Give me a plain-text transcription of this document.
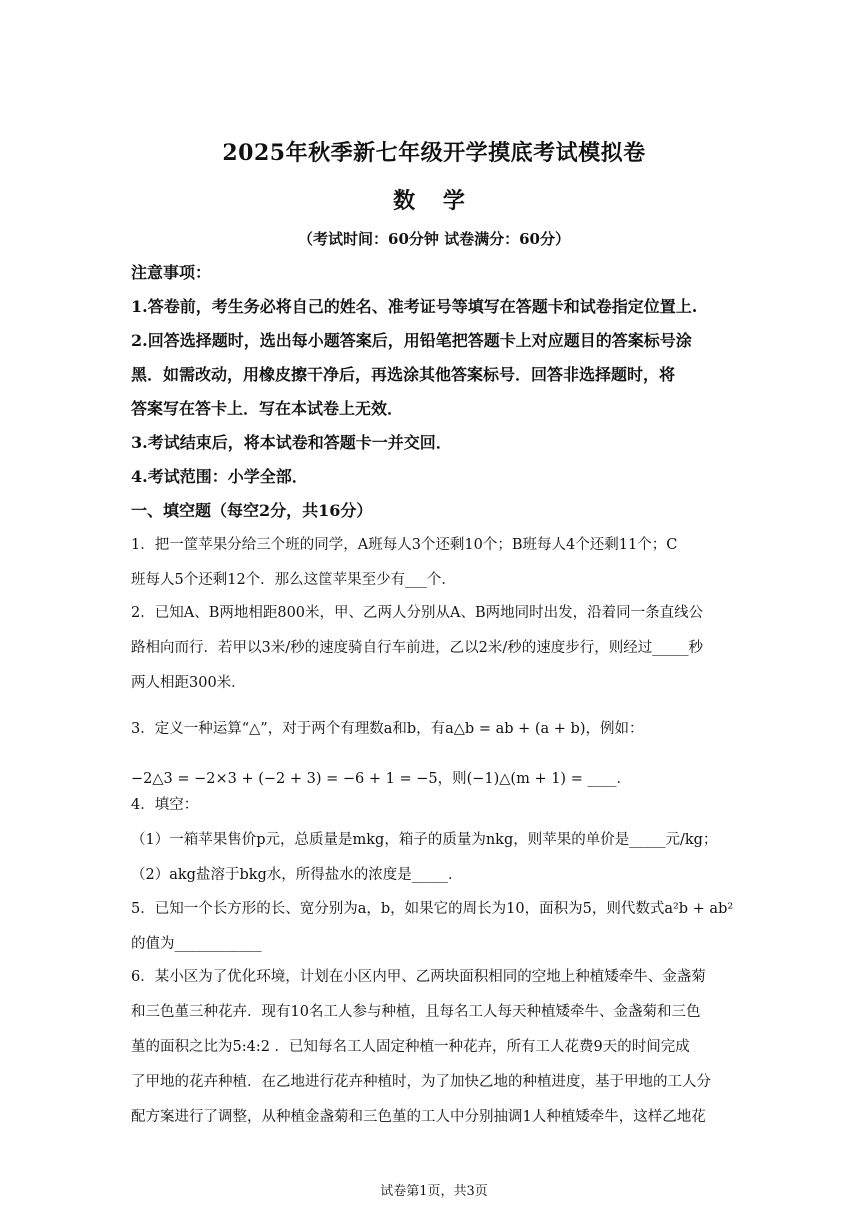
2025年秋季新七年级开学摸底考试模拟卷
数 学
（考试时间：60分钟 试卷满分：60分）
注意事项：
1.答卷前，考生务必将自己的姓名、准考证号等填写在答题卡和试卷指定位置上.
2.回答选择题时，选出每小题答案后，用铅笔把答题卡上对应题目的答案标号涂
黑．如需改动，用橡皮擦干净后，再选涂其他答案标号．回答非选择题时，将
答案写在答卡上．写在本试卷上无效．
3.考试结束后，将本试卷和答题卡一并交回．
4.考试范围：小学全部．
一、填空题（每空2分，共16分）
1．把一筐苹果分给三个班的同学，A班每人3个还剩10个；B班每人4个还剩11个；C
班每人5个还剩12个．那么这筐苹果至少有___个．
2．已知A、B两地相距800米，甲、乙两人分别从A、B两地同时出发，沿着同一条直线公
路相向而行．若甲以3米/秒的速度骑自行车前进，乙以2米/秒的速度步行，则经过_____秒
两人相距300米．
3．定义一种运算“△”，对于两个有理数a和b，有a△b = ab + (a + b)，例如：
−2△3 = −2×3 + (−2 + 3) = −6 + 1 = −5，则(−1)△(m + 1) = ____．
4．填空：
（1）一箱苹果售价p元，总质量是mkg，箱子的质量为nkg，则苹果的单价是_____元/kg；
（2）akg盐溶于bkg水，所得盐水的浓度是_____．
5．已知一个长方形的长、宽分别为a，b，如果它的周长为10，面积为5，则代数式a²b + ab²
的值为____________
6．某小区为了优化环境，计划在小区内甲、乙两块面积相同的空地上种植矮牵牛、金盏菊
和三色堇三种花卉．现有10名工人参与种植，且每名工人每天种植矮牵牛、金盏菊和三色
堇的面积之比为5:4:2 ．已知每名工人固定种植一种花卉，所有工人花费9天的时间完成
了甲地的花卉种植．在乙地进行花卉种植时，为了加快乙地的种植进度，基于甲地的工人分
配方案进行了调整，从种植金盏菊和三色堇的工人中分别抽调1人种植矮牵牛，这样乙地花
试卷第1页，共3页
